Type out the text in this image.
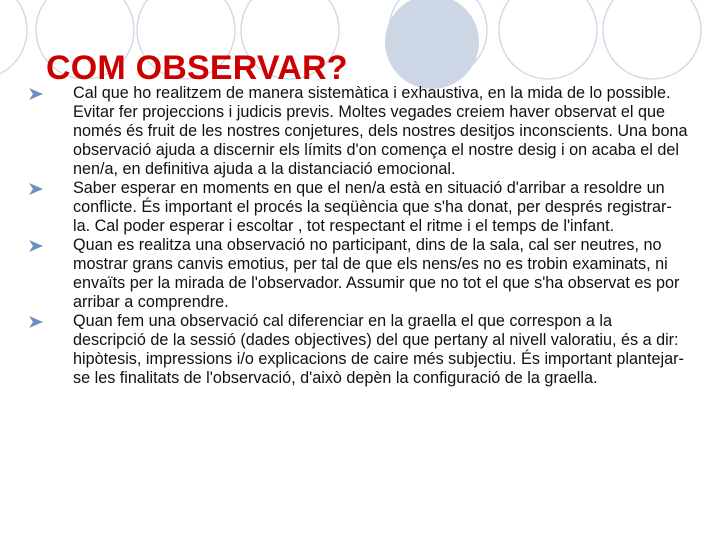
COM OBSERVAR?
Cal que ho realitzem de manera sistemàtica i exhaustiva, en la mida de lo possible. Evitar fer projeccions i judicis previs. Moltes vegades creiem haver observat el que només és fruit de les nostres conjetures, dels nostres desitjos inconscients. Una bona observació ajuda a discernir els límits d'on comença el nostre desig i on acaba el del nen/a, en definitiva ajuda a la distanciació emocional.
Saber esperar en moments en que el nen/a està en situació d'arribar a resoldre un conflicte. És important el procés la seqüència que s'ha donat, per després registrar-la. Cal poder esperar i escoltar , tot respectant el ritme i el temps de l'infant.
Quan es realitza una observació no participant, dins de la sala, cal ser neutres, no mostrar grans canvis emotius, per tal de que els nens/es no es trobin examinats, ni envaïts per la mirada de l'observador. Assumir que no tot el que s'ha observat es por arribar a comprendre.
Quan fem una observació cal diferenciar en la graella el que correspon a la descripció de la sessió (dades objectives) del que pertany al nivell valoratiu, és a dir: hipòtesis, impressions i/o explicacions de caire més subjectiu. És important plantejar-se les finalitats de l'observació, d'això depèn la configuració de la graella.
